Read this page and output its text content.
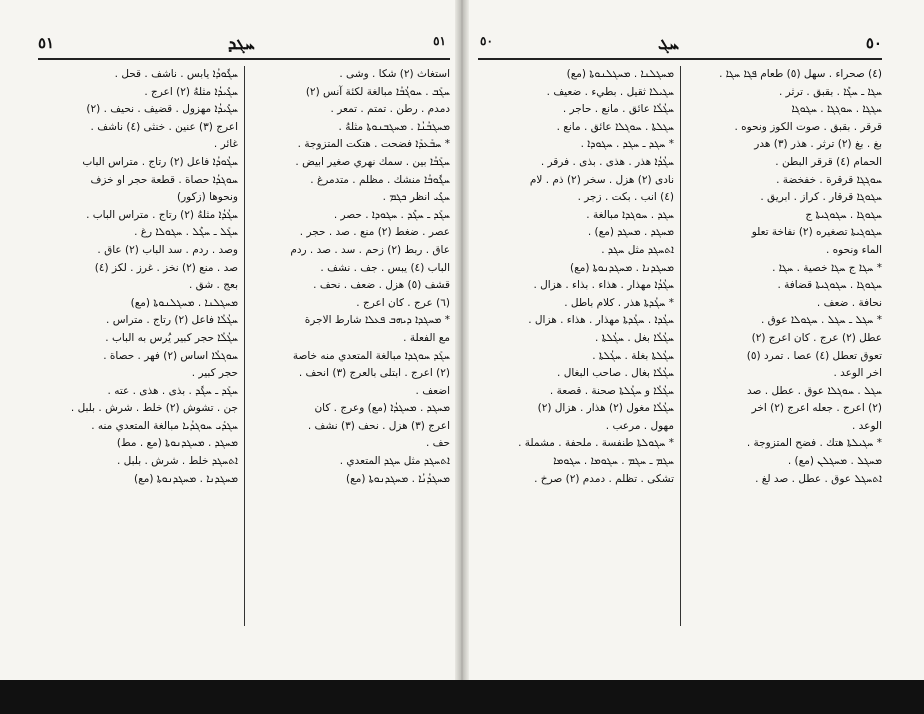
٥١	ܚܓܕ	٥١
استغاث (٢) شكا . وشى .
ܚܓܰܒ . ܚܘܓܳܒܳܐ مبالغة لكئة آنس (٢)
دمدم . رطن . تمتم . تمعر .
ܡܚܓܒܳܢܳܐ . ܡܚܓܒܢܘܬܐ مثلهُ .
* ܚܒܰܥܕܰܐ فضحت . هتكت المتزوجة .
ܚܓܰܒܳܐ بين . سمك نهري صغير ابيض .
ܚܓܽܘܒܳܐ منشك . مظلم . متدمرغ .
ܚܓܺܝ انظر ܟܓܡ .
ܚܓܰܕ ـ ܚܓܶܕ . ܚܓܘܕܐ . حصر .
عصر . ضغط (٢) منع . صد . حجر .
عاق . ربط (٢) زحم . سد . صد . ردم
الباب (٤) يبس . جف . نشف .
قشف (٥) هزل . ضعف . نحف .
(٦) عرج . كان اعرج .
* ܡܚܓܕܐ ܕܝܗܒ ܦܥܠܐ شارط الاجرة
مع الفعلة .
ܚܓܰܕ ܚܘܓܕܐ مبالغة المتعدي منه خاصة
(٢) اعرج . ابتلى بالعرج (٣) انحف .
اضعف .
ܡܚܓܕ . ܡܚܓܕܳܐ (مع) وعرج . كان
اعرج (٣) هزل . نحف (٣) نشف .
حف .
ܐܬܚܓܕ مثل ܚܓܕ المتعدي .
ܡܚܓܕܳܢܳܐ . ܡܚܓܕܢܘܬܐ (مع)
ܚܓܽܘܕܳܐ يابس . ناشف . قحل .
ܚܓܺܝܕܳܐ مثلهُ (٢) اعرج .
ܚܓܺܝܕܳܐ مهزول . قضيف . نحيف . (٢)
اعرج (٣) عنين . خنثى (٤) ناشف .
غائر .
ܚܓܳܘܕܳܐ فاعل (٢) رتاج . متراس الباب
ܚܘܓܕܳܐ حصاة . قطعة حجر او خزف
ونحوها (زكور)
ܚܓܳܕܳܐ مثلهُ (٢) رتاج . متراس الباب .
ܚܓܰܠ ـ ܚܓܶܠ . ܚܓܘܠܐ رغ .
وصد . ردم . سد الباب (٢) عاق .
صد . منع (٢) نخز . غرز . لكز (٤)
بعج . شق .
ܡܚܓܠܢܐ . ܡܚܓܠܢܘܬܐ (مع)
ܚܓܳܠܳܐ فاعل (٢) رتاج . متراس .
ܚܓܳܠܳܐ حجر كبير يُرس به الباب .
ܚܘܓܠܳܐ اساس (٢) فهر . حصاة .
حجر كبير .
ܚܓܰܕ ـ ܚܓܽܕ . بذى . هذى . عته .
جن . تشوش (٢) خلط . شرش . بلبل .
ܚܓܕܰܝ ܚܘܓܕܳܝܐ مبالغة المتعدي منه .
ܡܚܓܕ . ܡܚܓܕܢܘܬܐ (مع . مط)
ܐܬܚܓܕ خلط . شرش . بلبل .
ܡܚܓܕܢܐ . ܡܚܓܕܢܘܬܐ (مع)
٥٠	ܚܓ	٥٠
(٤) صحراء . سهل (٥) طعام ܦܓܐ ܚܓܐ .
ܚܓܐ ـ ܚܓܶܐ . بقبق . ترثر .
ܚܓܓܐ . ܚܘܓܓܐ . ܚܓܘܓܐ
قرقر . بقبق . صوت الكوز ونحوه .
بغ . بغ (٢) ترثر . هذر (٣) هدر
الحمام (٤) قرقر البطن .
ܚܘܓܓܐ قرقرة . خفخضة .
ܚܓܘܓܐ قرقار . كراز . ابريق .
ܚܓܘܓܐ . ܚܓܘܓܝܬܐ ج
ܚܓܘܓܝܬܐ تصغيره (٢) نفاخة تعلو
الماء ونحوه .
* ܚܓܐ ج ܚܓܐ خصية . ܚܓܐ .
ܚܓܘܓܐ . ܚܓܘܓܝܬܐ قضافة .
نحافة . ضعف .
* ܚܓܠ ـ ܚܓܠ . ܚܓܘܠܐ عوق .
عطل (٢) عرج . كان اعرج (٢)
تعوق تعطل (٤) عصا . تمرد (٥)
اخر الوعد .
ܚܓܠ . ܚܘܓܠܐ عوق . عطل . صد
(٢) اعرج . جعله اعرج (٢) اخر
الوعد .
* ܚܓܝܠܬܐ هتك . فضح المتزوجة .
ܡܚܓܠ . ܡܚܓܠܢ (مع) .
ܐܬܚܓܠ عوق . عطل . صد لغ .
ܡܚܓܠܢܐ . ܡܚܓܠܢܘܬܐ (مع)
ܚܓܝܠܐ ثقيل . بطيء . ضعيف .
ܚܓܳܠܳܐ عائق . مانع . حاجر .
ܚܓܠܬܐ . ܚܘܓܠܐ عائق . مانع .
* ܚܓܕ ـ ܚܓܕ . ܚܓܘܕܐ .
ܚܓܳܕܳܐ هذر . هذى . بذى . فرقر .
نادى (٢) هزل . سخر (٢) ذم . لام
(٤) انب . بكت . زجر .
ܚܓܕ . ܚܘܓܕܐ مبالغة .
ܡܚܓܕ . ܡܚܓܕ (مع) .
ܐܬܚܓܕ مثل ܚܓܕ .
ܡܚܓܕܢܐ . ܡܚܓܕܢܘܬܐ (مع)
ܚܓܳܕܳܐ مهذار . هذاء . بذاء . هزال .
* ܚܓܳܕܬܐ هذر . كلام باطل .
ܚܓܳܕܐ . ܚܓܳܕܬܐ مهذار . هذاء . هزال .
ܚܓܳܠܳܐ بغل . ܚܓܳܠܬܐ .
ܚܓܳܠܬܐ بغلة . ܚܓܳܠܬܐ .
ܚܓܳܠܳܐ بغال . صاحب البغال .
ܚܓܳܠܳܐ و ܚܓܳܠܬܐ صحنة . قصعة .
ܚܓܳܠܳܐ مغول (٢) هذار . هزال (٢)
مهول . مرعب .
* ܚܓܘܠܬܐ طنفسة . ملحفة . مشملة .
ܚܓܡ ـ ܚܓܡ . ܚܓܘܡܐ . ܚܓܘܡܐ
تشكى . تظلم . دمدم (٢) صرخ .
